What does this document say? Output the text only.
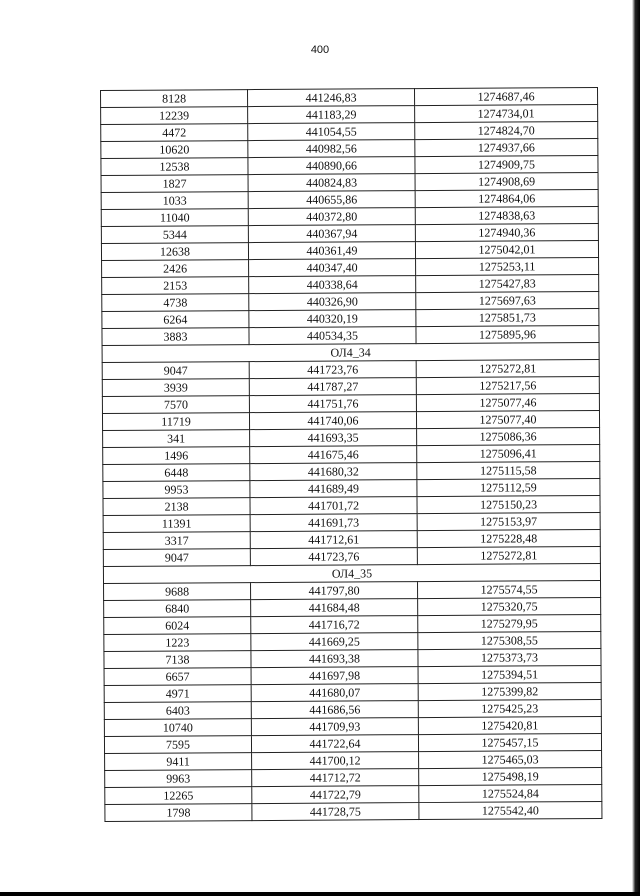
400
8128	441246,83	1274687,46
12239	441183,29	1274734,01
4472	441054,55	1274824,70
10620	440982,56	1274937,66
12538	440890,66	1274909,75
1827	440824,83	1274908,69
1033	440655,86	1274864,06
11040	440372,80	1274838,63
5344	440367,94	1274940,36
12638	440361,49	1275042,01
2426	440347,40	1275253,11
2153	440338,64	1275427,83
4738	440326,90	1275697,63
6264	440320,19	1275851,73
3883	440534,35	1275895,96
ОЛ4_34		
9047	441723,76	1275272,81
3939	441787,27	1275217,56
7570	441751,76	1275077,46
11719	441740,06	1275077,40
341	441693,35	1275086,36
1496	441675,46	1275096,41
6448	441680,32	1275115,58
9953	441689,49	1275112,59
2138	441701,72	1275150,23
11391	441691,73	1275153,97
3317	441712,61	1275228,48
9047	441723,76	1275272,81
ОЛ4_35		
9688	441797,80	1275574,55
6840	441684,48	1275320,75
6024	441716,72	1275279,95
1223	441669,25	1275308,55
7138	441693,38	1275373,73
6657	441697,98	1275394,51
4971	441680,07	1275399,82
6403	441686,56	1275425,23
10740	441709,93	1275420,81
7595	441722,64	1275457,15
9411	441700,12	1275465,03
9963	441712,72	1275498,19
12265	441722,79	1275524,84
1798	441728,75	1275542,40
